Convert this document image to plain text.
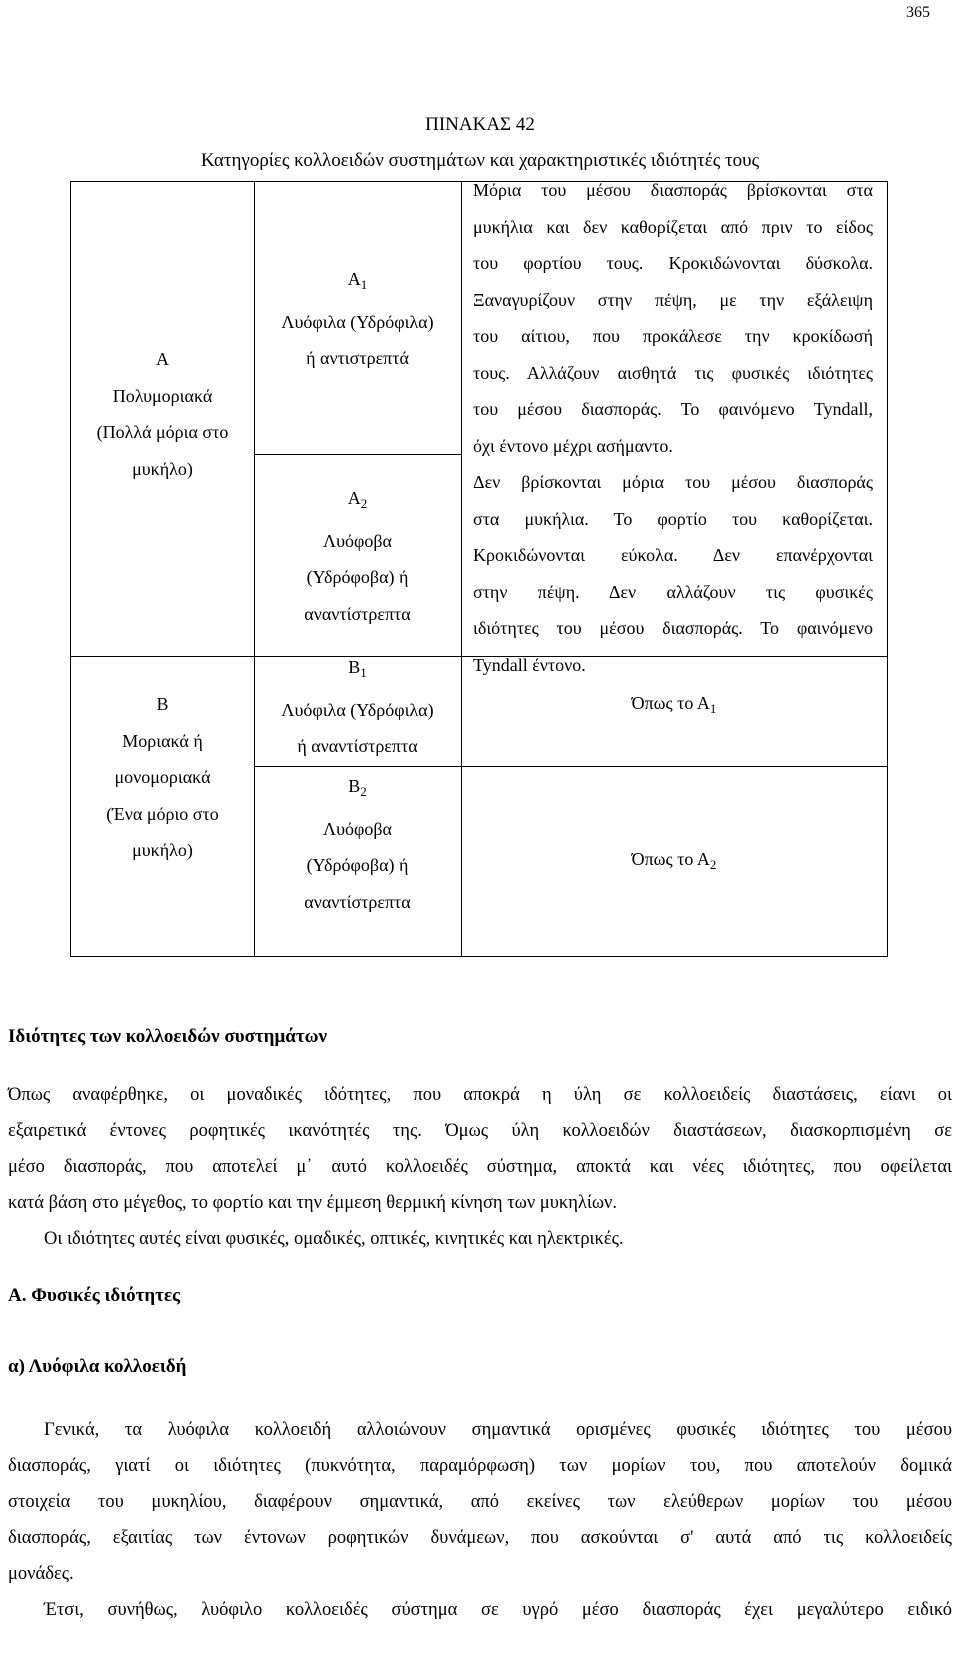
365
ΠΙΝΑΚΑΣ 42
Κατηγορίες κολλοειδών συστημάτων και χαρακτηριστικές ιδιότητές τους
Α
Πολυμοριακά
(Πολλά μόρια στο
μυκήλο)
$A_1$
Λυόφιλα (Υδρόφιλα)
ή αντιστρεπτά
$A_2$
Λυόφοβα
(Υδρόφοβα) ή
αναντίστρεπτα
Μόρια του μέσου διασποράς βρίσκονται στα
μυκήλια και δεν καθορίζεται από πριν το είδος
του φορτίου τους. Κροκιδώνονται δύσκολα.
Ξαναγυρίζουν στην πέψη, με την εξάλειψη
του αίτιου, που προκάλεσε την κροκίδωσή
τους. Αλλάζουν αισθητά τις φυσικές ιδιότητες
του μέσου διασποράς. Το φαινόμενο Tyndall,
όχι έντονο μέχρι ασήμαντο.
Δεν βρίσκονται μόρια του μέσου διασποράς
στα μυκήλια. Το φορτίο του καθορίζεται.
Κροκιδώνονται εύκολα. Δεν επανέρχονται
στην πέψη. Δεν αλλάζουν τις φυσικές
ιδιότητες του μέσου διασποράς. Το φαινόμενο
Tyndall έντονο.
Β
Μοριακά ή
μονομοριακά
(Ένα μόριο στο
μυκήλο)
$B_1$
Λυόφιλα (Υδρόφιλα)
ή αναντίστρεπτα
$B_2$
Λυόφοβα
(Υδρόφοβα) ή
αναντίστρεπτα
Όπως το $A_1$
Όπως το $A_2$
Ιδιότητες των κολλοειδών συστημάτων
Όπως αναφέρθηκε, οι μοναδικές ιδότητες, που αποκρά η ύλη σε κολλοειδείς διαστάσεις, είανι οι
εξαιρετικά έντονες ροφητικές ικανότητές της. Όμως ύλη κολλοειδών διαστάσεων, διασκορπισμένη σε
μέσο διασποράς, που αποτελεί μ᾽ αυτό κολλοειδές σύστημα, αποκτά και νέες ιδιότητες, που οφείλεται
κατά βάση στο μέγεθος, το φορτίο και την έμμεση θερμική κίνηση των μυκηλίων.
Οι ιδιότητες αυτές είναι φυσικές, ομαδικές, οπτικές, κινητικές και ηλεκτρικές.
Α. Φυσικές ιδιότητες
α) Λυόφιλα κολλοειδή
Γενικά, τα λυόφιλα κολλοειδή αλλοιώνουν σημαντικά ορισμένες φυσικές ιδιότητες του μέσου
διασποράς, γιατί οι ιδιότητες (πυκνότητα, παραμόρφωση) των μορίων του, που αποτελούν δομικά
στοιχεία του μυκηλίου, διαφέρουν σημαντικά, από εκείνες των ελεύθερων μορίων του μέσου
διασποράς, εξαιτίας των έντονων ροφητικών δυνάμεων, που ασκούνται σ' αυτά από τις κολλοειδείς
μονάδες.
Έτσι, συνήθως, λυόφιλο κολλοειδές σύστημα σε υγρό μέσο διασποράς έχει μεγαλύτερο ειδικό
